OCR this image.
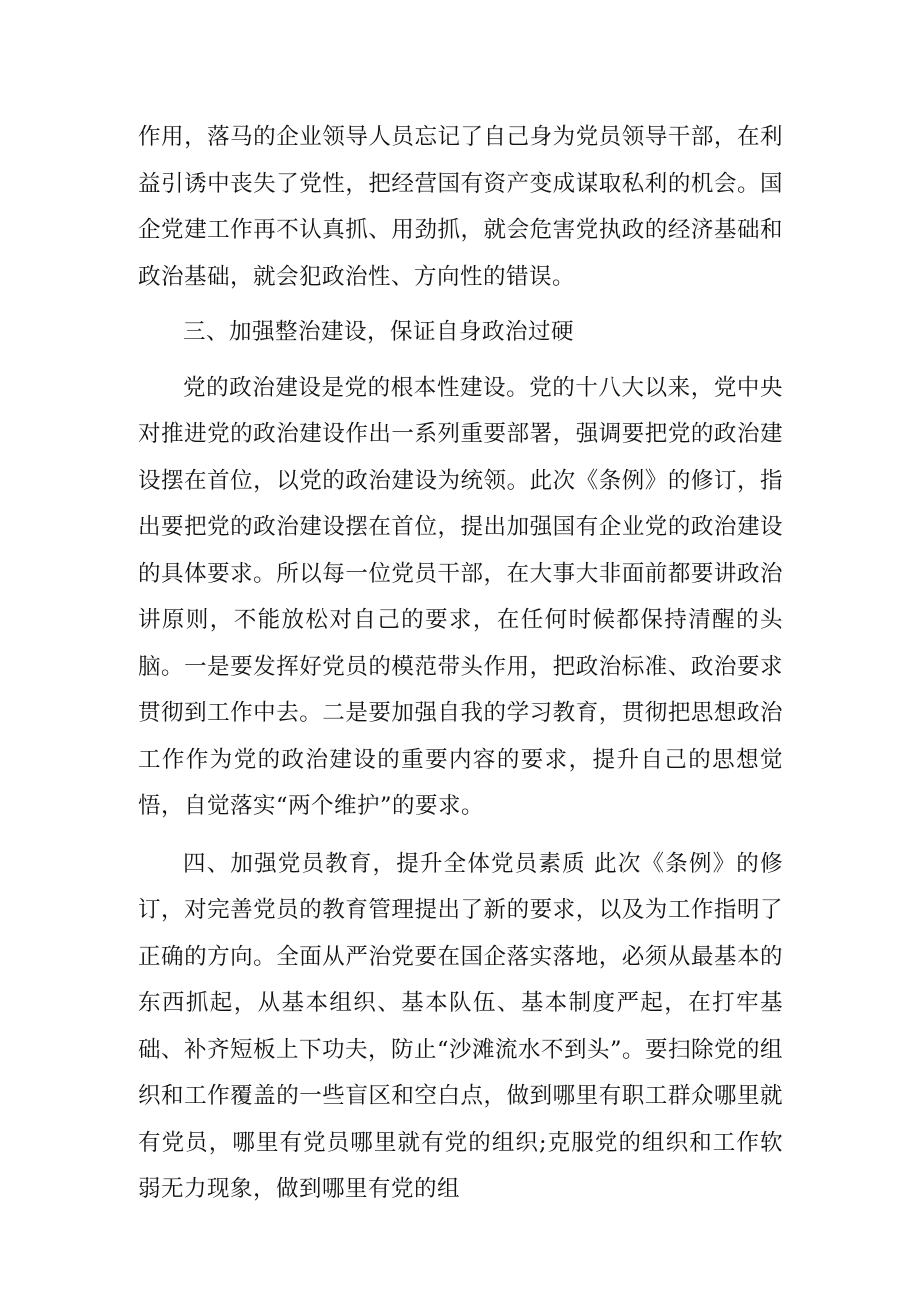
作用，落马的企业领导人员忘记了自己身为党员领导干部，在利益引诱中丧失了党性，把经营国有资产变成谋取私利的机会。国企党建工作再不认真抓、用劲抓，就会危害党执政的经济基础和政治基础，就会犯政治性、方向性的错误。

三、加强整治建设，保证自身政治过硬

党的政治建设是党的根本性建设。党的十八大以来，党中央对推进党的政治建设作出一系列重要部署，强调要把党的政治建设摆在首位，以党的政治建设为统领。此次《条例》的修订，指出要把党的政治建设摆在首位，提出加强国有企业党的政治建设的具体要求。所以每一位党员干部，在大事大非面前都要讲政治讲原则，不能放松对自己的要求，在任何时候都保持清醒的头脑。一是要发挥好党员的模范带头作用，把政治标准、政治要求贯彻到工作中去。二是要加强自我的学习教育，贯彻把思想政治工作作为党的政治建设的重要内容的要求，提升自己的思想觉悟，自觉落实“两个维护”的要求。

四、加强党员教育，提升全体党员素质 此次《条例》的修订，对完善党员的教育管理提出了新的要求，以及为工作指明了正确的方向。全面从严治党要在国企落实落地，必须从最基本的东西抓起，从基本组织、基本队伍、基本制度严起，在打牢基础、补齐短板上下功夫，防止“沙滩流水不到头”。要扫除党的组织和工作覆盖的一些盲区和空白点，做到哪里有职工群众哪里就有党员，哪里有党员哪里就有党的组织;克服党的组织和工作软弱无力现象，做到哪里有党的组
